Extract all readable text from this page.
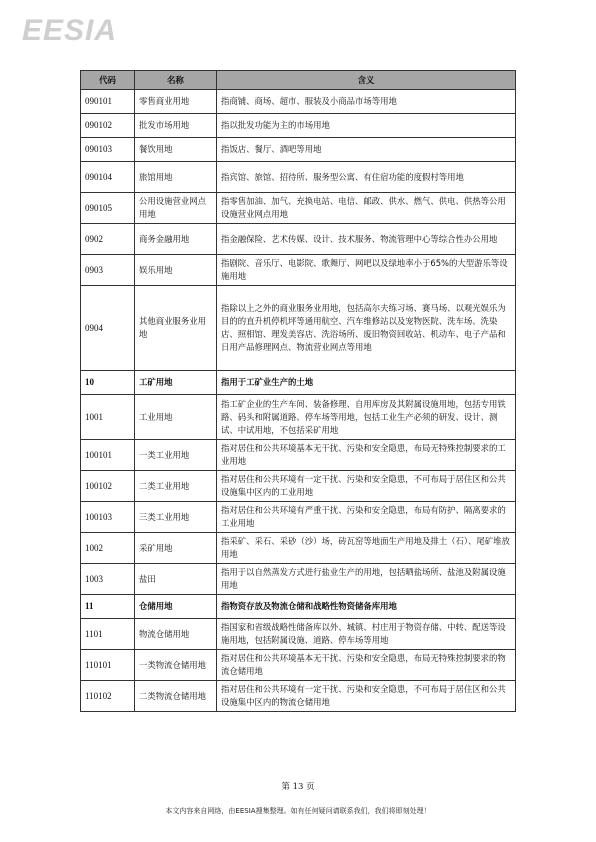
EESIA
代码	名称	含义
090101	零售商业用地	指商铺、商场、超市、服装及小商品市场等用地
090102	批发市场用地	指以批发功能为主的市场用地
090103	餐饮用地	指饭店、餐厅、酒吧等用地
090104	旅馆用地	指宾馆、旅馆、招待所、服务型公寓、有住宿功能的度假村等用地
090105	公用设施营业网点用地	指零售加油、加气、充换电站、电信、邮政、供水、燃气、供电、供热等公用设施营业网点用地
0902	商务金融用地	指金融保险、艺术传媒、设计、技术服务、物流管理中心等综合性办公用地
0903	娱乐用地	指剧院、音乐厅、电影院、歌舞厅、网吧以及绿地率小于65%的大型游乐等设施用地
0904	其他商业服务业用地	指除以上之外的商业服务业用地，包括高尔夫练习场、赛马场、以观光娱乐为目的的直升机停机坪等通用航空、汽车维修站以及宠物医院、洗车场、洗染店、照相馆、理发美容店、洗浴场所、废旧物资回收站、机动车、电子产品和日用产品修理网点、物流营业网点等用地
10	工矿用地	指用于工矿业生产的土地
1001	工业用地	指工矿企业的生产车间、装备修理、自用库房及其附属设施用地，包括专用铁路、码头和附属道路、停车场等用地，包括工业生产必须的研发、设计、测试、中试用地，不包括采矿用地
100101	一类工业用地	指对居住和公共环境基本无干扰、污染和安全隐患，布局无特殊控制要求的工业用地
100102	二类工业用地	指对居住和公共环境有一定干扰、污染和安全隐患，不可布局于居住区和公共设施集中区内的工业用地
100103	三类工业用地	指对居住和公共环境有严重干扰、污染和安全隐患，布局有防护、隔离要求的工业用地
1002	采矿用地	指采矿、采石、采砂（沙）场，砖瓦窑等地面生产用地及排土（石）、尾矿堆放用地
1003	盐田	指用于以自然蒸发方式进行盐业生产的用地，包括晒盐场所、盐池及附属设施用地
11	仓储用地	指物资存放及物流仓储和战略性物资储备库用地
1101	物流仓储用地	指国家和省级战略性储备库以外、城镇、村庄用于物资存储、中转、配送等设施用地，包括附属设施、道路、停车场等用地
110101	一类物流仓储用地	指对居住和公共环境基本无干扰、污染和安全隐患，布局无特殊控制要求的物流仓储用地
110102	二类物流仓储用地	指对居住和公共环境有一定干扰、污染和安全隐患，不可布局于居住区和公共设施集中区内的物流仓储用地
第 13 页
本文内容来自网络，由EESIA搜集整理。如有任何疑问请联系我们，我们将即刻处理！
